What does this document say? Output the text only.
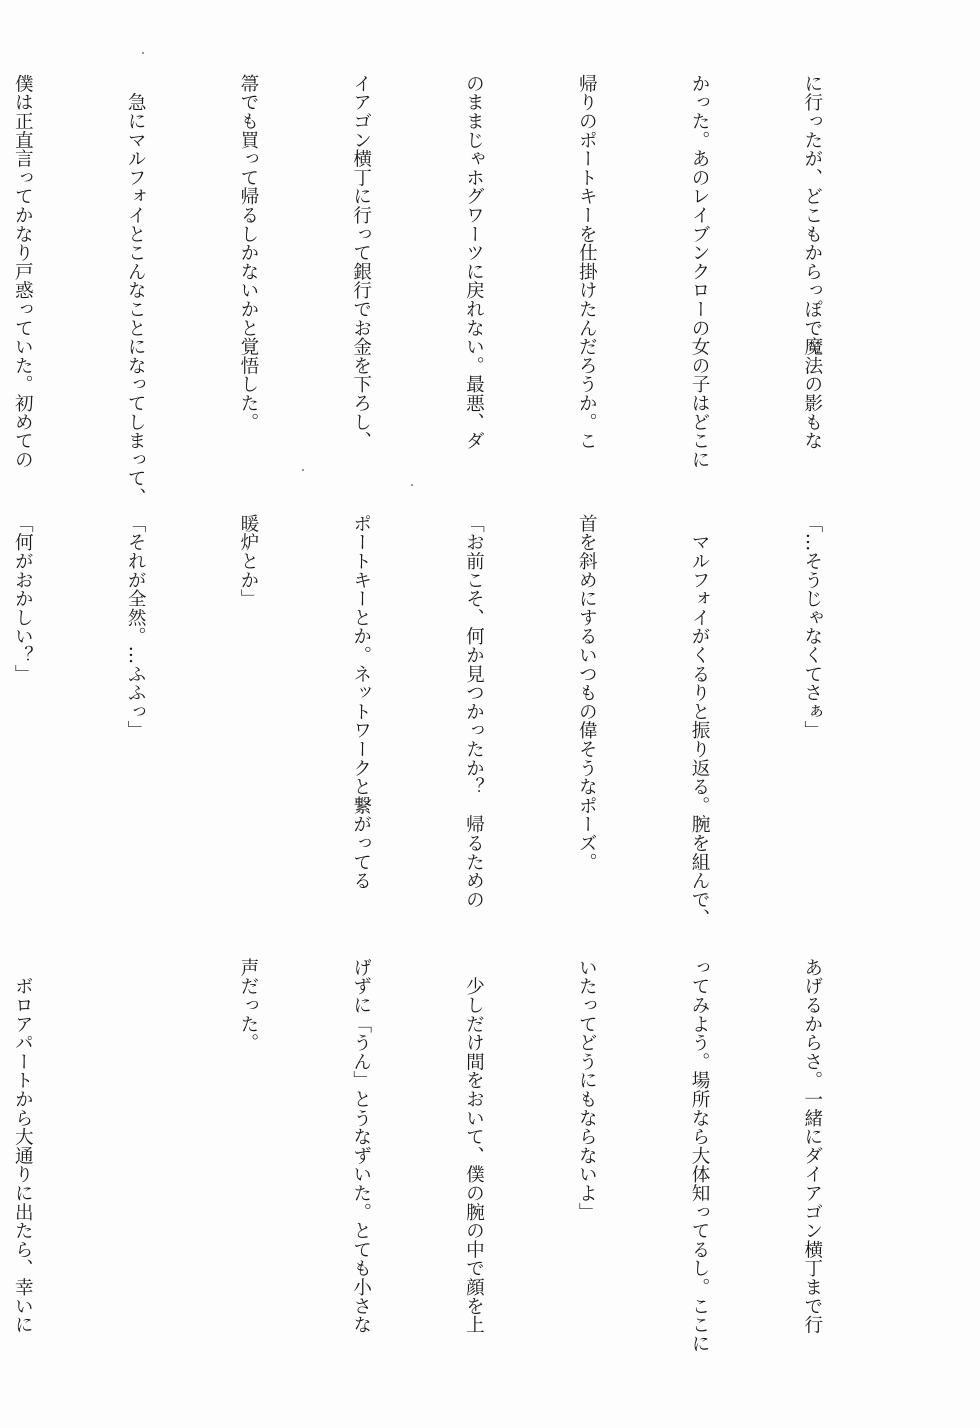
に行ったが、どこもからっぽで魔法の影もな

かった。あのレイブンクローの女の子はどこに

帰りのポートキーを仕掛けたんだろうか。こ

のままじゃホグワーツに戻れない。最悪、ダ

イアゴン横丁に行って銀行でお金を下ろし、

箒でも買って帰るしかないかと覚悟した。

　急にマルフォイとこんなことになってしまって、

僕は正直言ってかなり戸惑っていた。初めての

「…そうじゃなくてさぁ」

　マルフォイがくるりと振り返る。腕を組んで、

首を斜めにするいつもの偉そうなポーズ。

「お前こそ、何か見つかったか？　帰るための

ポートキーとか。ネットワークと繋がってる

暖炉とか」

「それが全然。…ふふっ」

「何がおかしい？」

あげるからさ。一緒にダイアゴン横丁まで行

ってみよう。場所なら大体知ってるし。ここに

いたってどうにもならないよ」

　少しだけ間をおいて、僕の腕の中で顔を上

げずに「うん」とうなずいた。とても小さな

声だった。

　ボロアパートから大通りに出たら、幸いに
